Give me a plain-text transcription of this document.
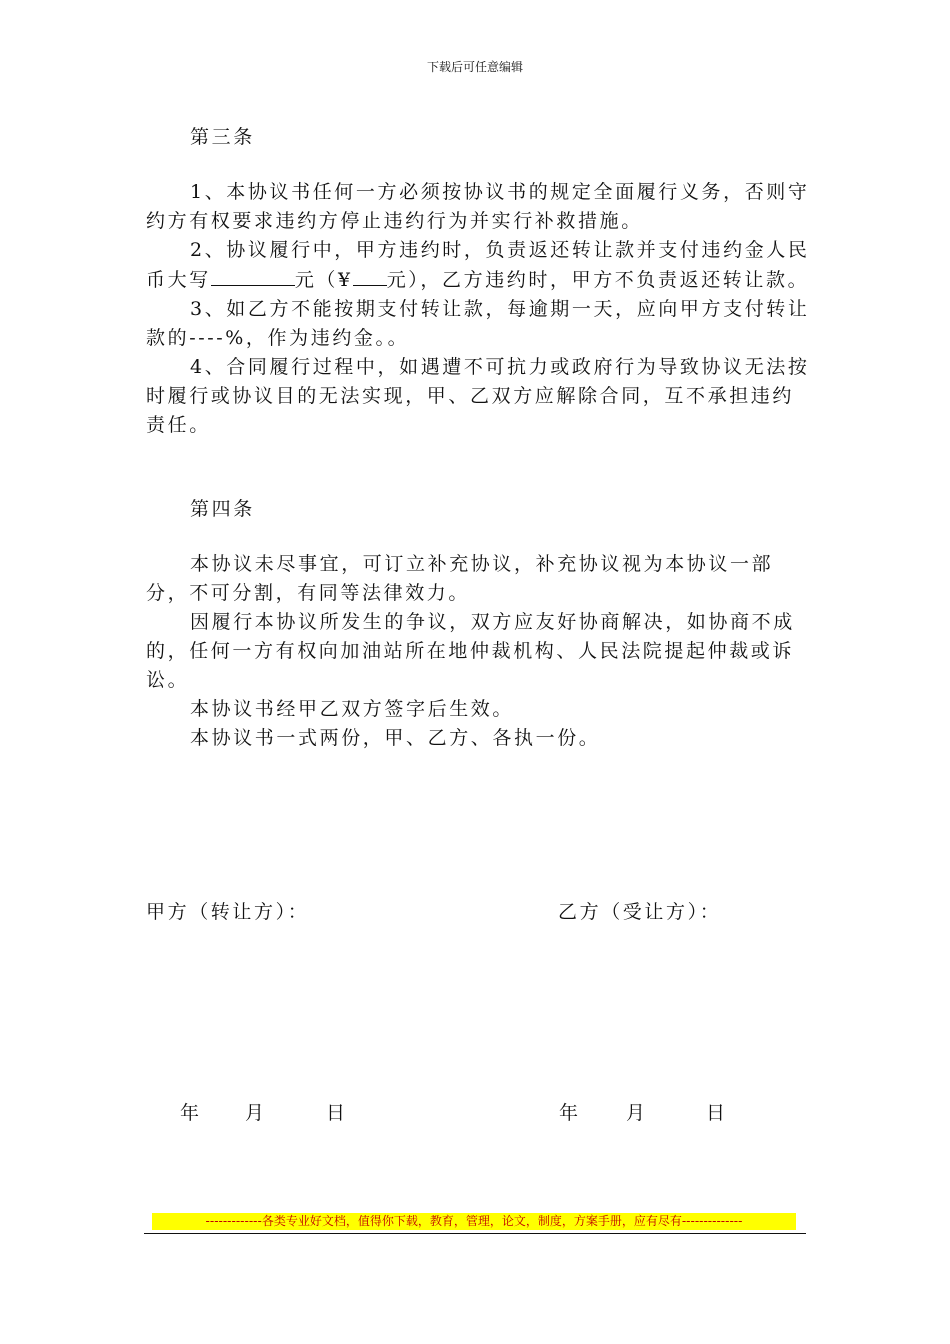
下载后可任意编辑
第三条

1、本协议书任何一方必须按协议书的规定全面履行义务，否则守约方有权要求违约方停止违约行为并实行补救措施。

2、协议履行中，甲方违约时，负责返还转让款并支付违约金人民币大写	元（¥ 元），乙方违约时，甲方不负责返还转让款。

3、如乙方不能按期支付转让款，每逾期一天，应向甲方支付转让款的----%，作为违约金。。

4、合同履行过程中，如遇遭不可抗力或政府行为导致协议无法按时履行或协议目的无法实现，甲、乙双方应解除合同，互不承担违约责任。

第四条

本协议未尽事宜，可订立补充协议，补充协议视为本协议一部分，不可分割，有同等法律效力。

因履行本协议所发生的争议，双方应友好协商解决，如协商不成的，任何一方有权向加油站所在地仲裁机构、人民法院提起仲裁或诉讼。

本协议书经甲乙双方签字后生效。

本协议书一式两份，甲、乙方、各执一份。

甲方（转让方）：	乙方（受让方）：
年 月	日	年	月	日
-------------各类专业好文档，值得你下载，教育，管理，论文，制度，方案手册，应有尽有--------------
